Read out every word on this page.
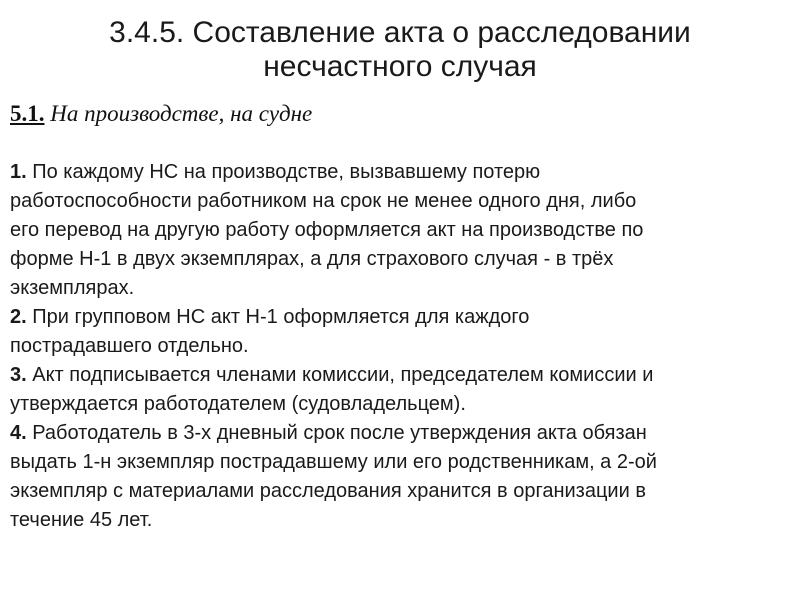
3.4.5. Составление акта о расследовании
несчастного случая
5.1. На производстве, на судне
1. По каждому НС на производстве, вызвавшему потерю
работоспособности работником на срок не менее одного дня, либо
его перевод на другую работу оформляется акт на производстве по
форме Н-1 в двух экземплярах, а для страхового случая - в трёх
экземплярах.
2. При групповом НС акт Н-1 оформляется для каждого
пострадавшего отдельно.
3. Акт подписывается членами комиссии, председателем комиссии и
утверждается работодателем (судовладельцем).
4. Работодатель в 3-х дневный срок после утверждения акта обязан
выдать 1-н экземпляр пострадавшему или его родственникам, а 2-ой
экземпляр с материалами расследования хранится в организации в
течение 45 лет.
